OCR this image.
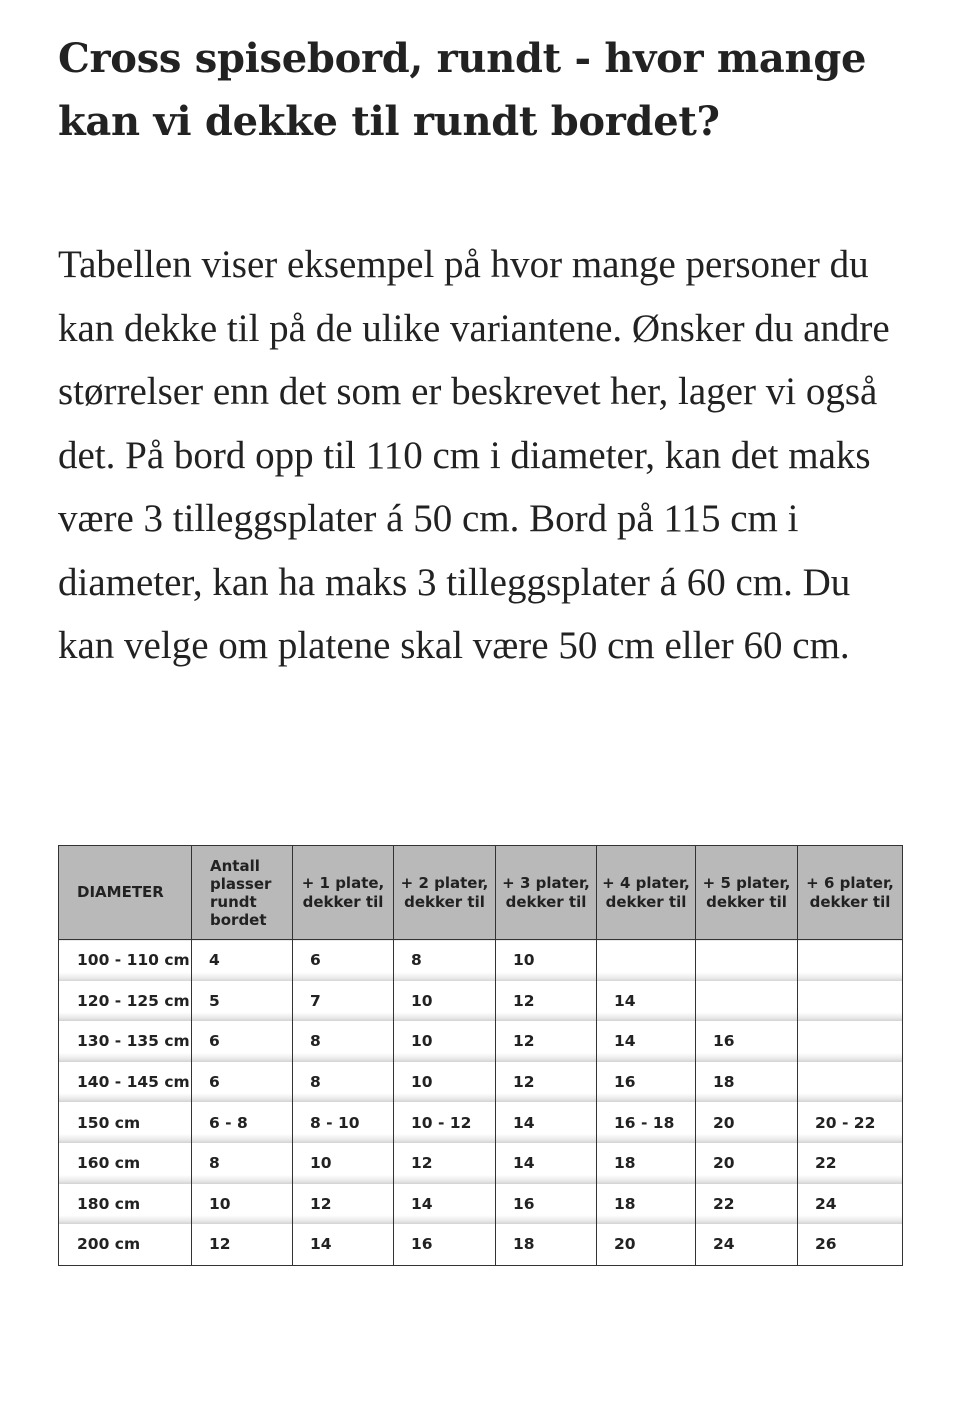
Cross spisebord, rundt - hvor mange kan vi dekke til rundt bordet?

Tabellen viser eksempel på hvor mange personer du kan dekke til på de ulike variantene. Ønsker du andre størrelser enn det som er beskrevet her, lager vi også det. På bord opp til 110 cm i diameter, kan det maks være 3 tilleggsplater á 50 cm. Bord på 115 cm i diameter, kan ha maks 3 tilleggsplater á 60 cm. Du kan velge om platene skal være 50 cm eller 60 cm.

DIAMETER	Antall plasser rundt bordet	+ 1 plate, dekker til	+ 2 plater, dekker til	+ 3 plater, dekker til	+ 4 plater, dekker til	+ 5 plater, dekker til	+ 6 plater, dekker til
100 - 110 cm	4	6	8	10			
120 - 125 cm	5	7	10	12	14		
130 - 135 cm	6	8	10	12	14	16	
140 - 145 cm	6	8	10	12	16	18	
150 cm	6 - 8	8 - 10	10 - 12	14	16 - 18	20	20 - 22
160 cm	8	10	12	14	18	20	22
180 cm	10	12	14	16	18	22	24
200 cm	12	14	16	18	20	24	26
